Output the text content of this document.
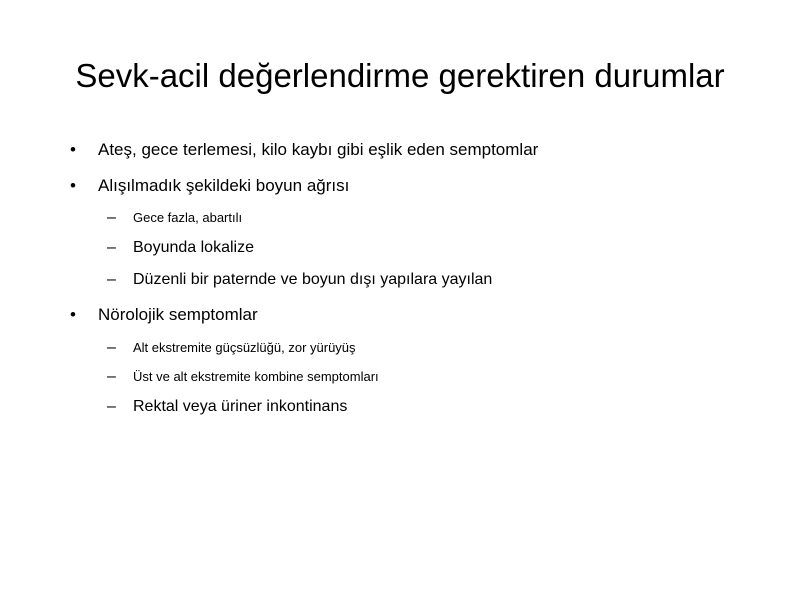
Sevk-acil değerlendirme gerektiren durumlar
• Ateş, gece terlemesi, kilo kaybı gibi eşlik eden semptomlar
• Alışılmadık şekildeki boyun ağrısı
– Gece fazla, abartılı
– Boyunda lokalize
– Düzenli bir paternde ve boyun dışı yapılara yayılan
• Nörolojik semptomlar
– Alt ekstremite güçsüzlüğü, zor yürüyüş
– Üst ve alt ekstremite kombine semptomları
– Rektal veya üriner inkontinans
